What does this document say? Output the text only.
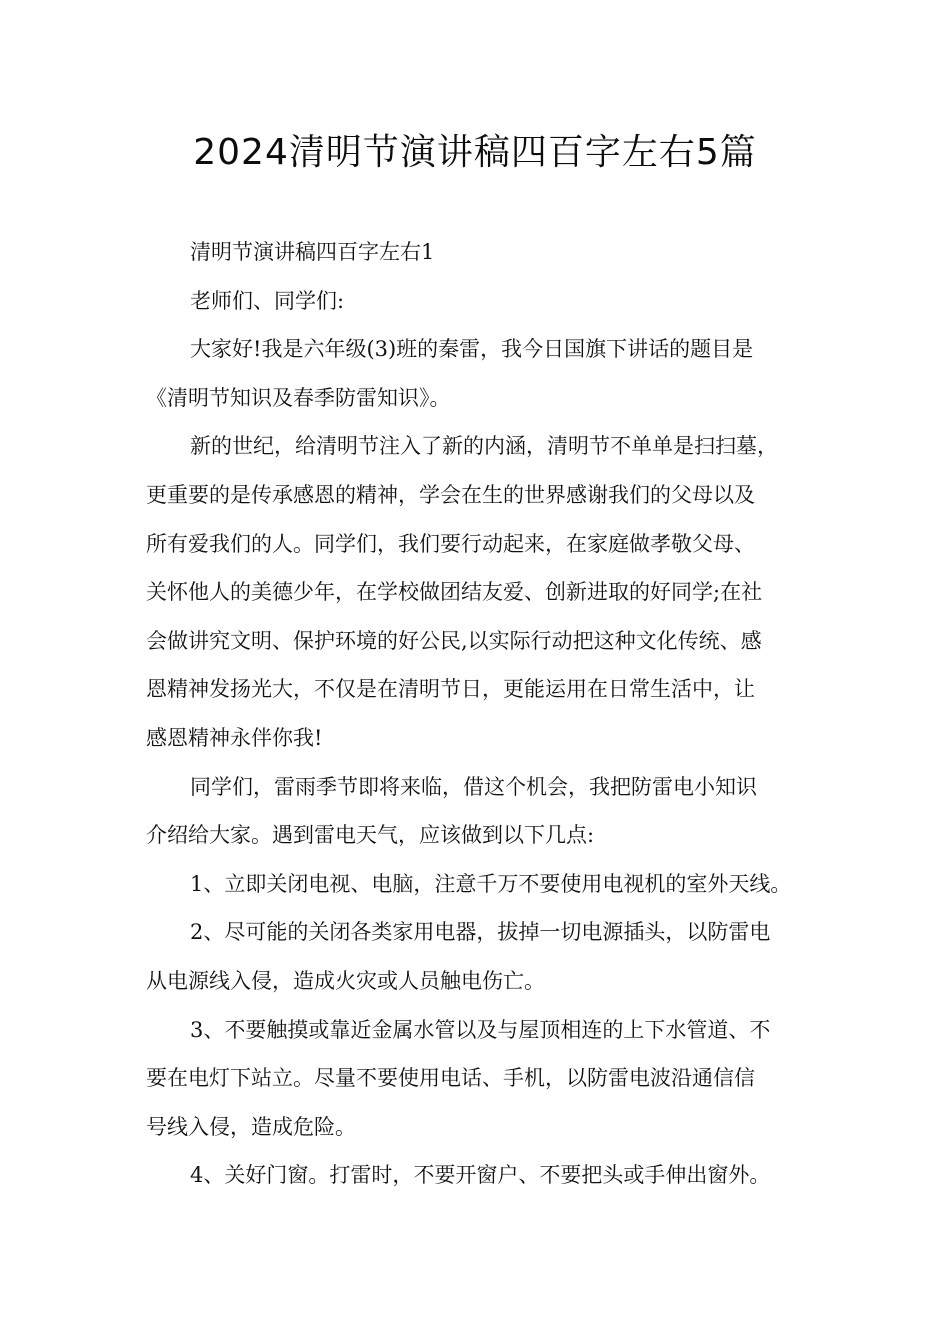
2024清明节演讲稿四百字左右5篇
清明节演讲稿四百字左右1
老师们、同学们:
大家好!我是六年级(3)班的秦雷，我今日国旗下讲话的题目是
《清明节知识及春季防雷知识》。
新的世纪，给清明节注入了新的内涵，清明节不单单是扫扫墓，
更重要的是传承感恩的精神，学会在生的世界感谢我们的父母以及
所有爱我们的人。同学们，我们要行动起来，在家庭做孝敬父母、
关怀他人的美德少年，在学校做团结友爱、创新进取的好同学;在社
会做讲究文明、保护环境的好公民,以实际行动把这种文化传统、感
恩精神发扬光大，不仅是在清明节日，更能运用在日常生活中，让
感恩精神永伴你我!
同学们，雷雨季节即将来临，借这个机会，我把防雷电小知识
介绍给大家。遇到雷电天气，应该做到以下几点:
1、立即关闭电视、电脑，注意千万不要使用电视机的室外天线。
2、尽可能的关闭各类家用电器，拔掉一切电源插头，以防雷电
从电源线入侵，造成火灾或人员触电伤亡。
3、不要触摸或靠近金属水管以及与屋顶相连的上下水管道、不
要在电灯下站立。尽量不要使用电话、手机，以防雷电波沿通信信
号线入侵，造成危险。
4、关好门窗。打雷时，不要开窗户、不要把头或手伸出窗外。
